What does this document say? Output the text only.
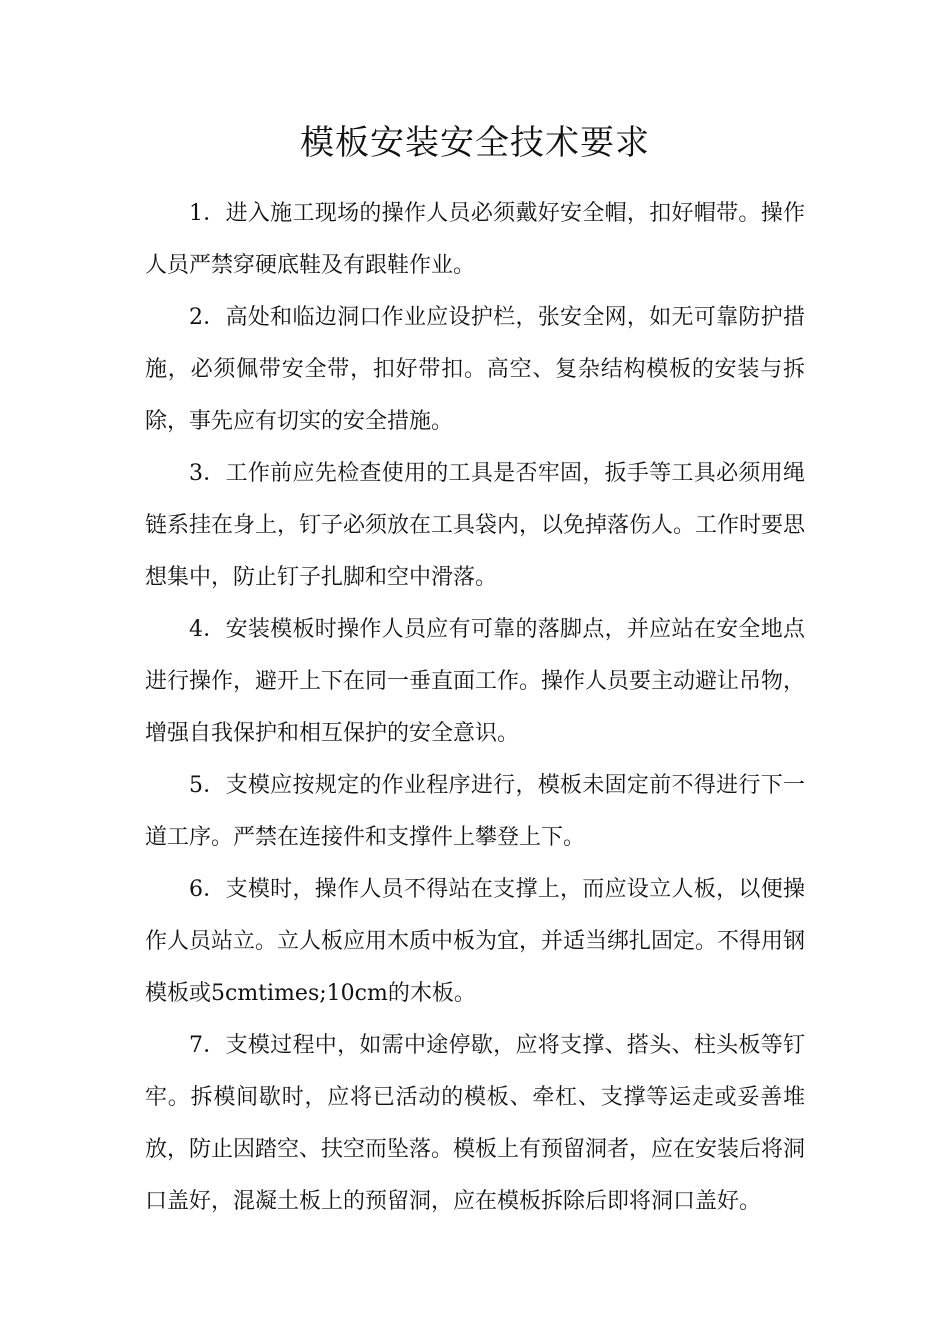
模板安装安全技术要求

1．进入施工现场的操作人员必须戴好安全帽，扣好帽带。操作人员严禁穿硬底鞋及有跟鞋作业。

2．高处和临边洞口作业应设护栏，张安全网，如无可靠防护措施，必须佩带安全带，扣好带扣。高空、复杂结构模板的安装与拆除，事先应有切实的安全措施。

3．工作前应先检查使用的工具是否牢固，扳手等工具必须用绳链系挂在身上，钉子必须放在工具袋内，以免掉落伤人。工作时要思想集中，防止钉子扎脚和空中滑落。

4．安装模板时操作人员应有可靠的落脚点，并应站在安全地点进行操作，避开上下在同一垂直面工作。操作人员要主动避让吊物，增强自我保护和相互保护的安全意识。

5．支模应按规定的作业程序进行，模板未固定前不得进行下一道工序。严禁在连接件和支撑件上攀登上下。

6．支模时，操作人员不得站在支撑上，而应设立人板，以便操作人员站立。立人板应用木质中板为宜，并适当绑扎固定。不得用钢模板或5cmtimes;10cm的木板。

7．支模过程中，如需中途停歇，应将支撑、搭头、柱头板等钉牢。拆模间歇时，应将已活动的模板、牵杠、支撑等运走或妥善堆放，防止因踏空、扶空而坠落。模板上有预留洞者，应在安装后将洞口盖好，混凝土板上的预留洞，应在模板拆除后即将洞口盖好。
